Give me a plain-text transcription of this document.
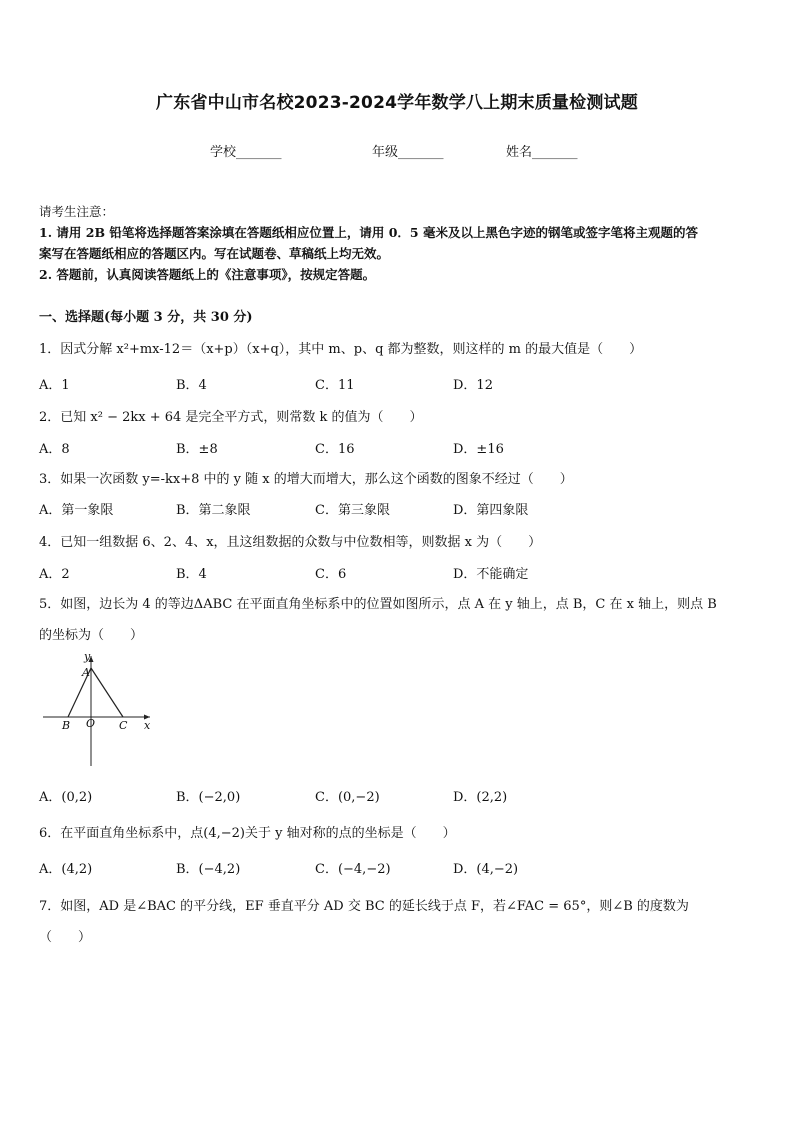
广东省中山市名校2023-2024学年数学八上期末质量检测试题
学校_______	年级_______	姓名_______
请考生注意：
1. 请用 2B 铅笔将选择题答案涂填在答题纸相应位置上，请用 0．5 毫米及以上黑色字迹的钢笔或签字笔将主观题的答
案写在答题纸相应的答题区内。写在试题卷、草稿纸上均无效。
2. 答题前，认真阅读答题纸上的《注意事项》，按规定答题。
一、选择题(每小题 3 分，共 30 分)
1．因式分解 x²+mx-12＝（x+p）（x+q），其中 m、p、q 都为整数，则这样的 m 的最大值是（　　）
A．1	B．4	C．11	D．12
2．已知 x² − 2kx + 64 是完全平方式，则常数 k 的值为（　　）
A．8	B．±8	C．16	D．±16
3．如果一次函数 y=-kx+8 中的 y 随 x 的增大而增大，那么这个函数的图象不经过（　　）
A．第一象限	B．第二象限	C．第三象限	D．第四象限
4．已知一组数据 6、2、4、x，且这组数据的众数与中位数相等，则数据 x 为（　　）
A．2	B．4	C．6	D．不能确定
5．如图，边长为 4 的等边ΔABC 在平面直角坐标系中的位置如图所示，点 A 在 y 轴上，点 B，C 在 x 轴上，则点 B
的坐标为（　　）
y
x
A
B O C
A．(0,2)	B．(−2,0)	C．(0,−2)	D．(2,2)
6．在平面直角坐标系中，点(4,−2)关于 y 轴对称的点的坐标是（　　）
A．(4,2)	B．(−4,2)	C．(−4,−2)	D．(4,−2)
7．如图，AD 是∠BAC 的平分线，EF 垂直平分 AD 交 BC 的延长线于点 F，若∠FAC = 65°，则∠B 的度数为
（　　）
